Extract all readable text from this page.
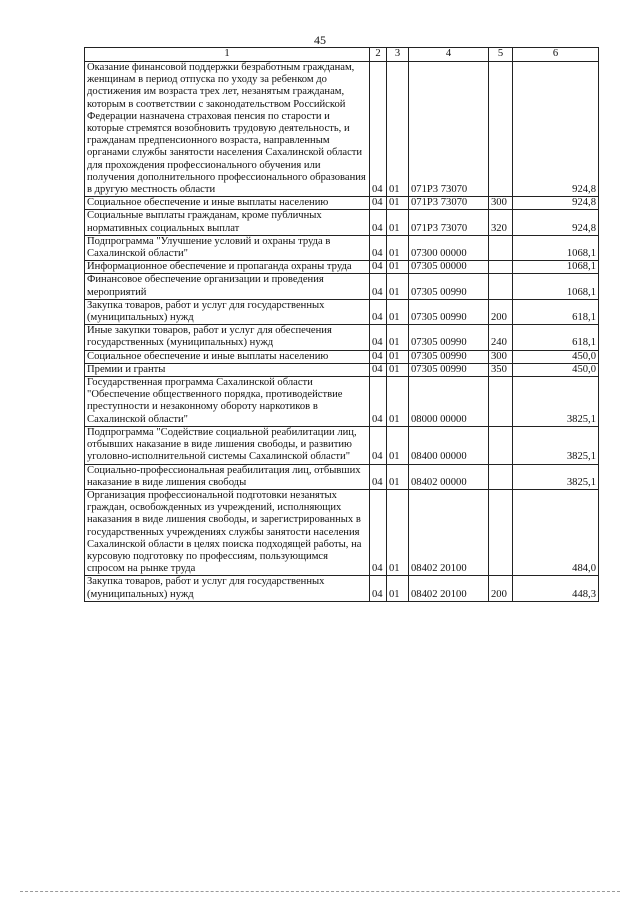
45
1	2	3	4	5	6
Оказание финансовой поддержки безработным гражданам, женщинам в период отпуска по уходу за ребенком до достижения им возраста трех лет, незанятым гражданам, которым в соответствии с законодательством Российской Федерации назначена страховая пенсия по старости и которые стремятся возобновить трудовую деятельность, и гражданам предпенсионного возраста, направленным органами службы занятости населения Сахалинской области для прохождения профессионального обучения или получения дополнительного профессионального образования в другую местность области	04	01	071Р3 73070		924,8
Социальное обеспечение и иные выплаты населению	04	01	071Р3 73070	300	924,8
Социальные выплаты гражданам, кроме публичных нормативных социальных выплат	04	01	071Р3 73070	320	924,8
Подпрограмма "Улучшение условий и охраны труда в Сахалинской области"	04	01	07300 00000		1068,1
Информационное обеспечение и пропаганда охраны труда	04	01	07305 00000		1068,1
Финансовое обеспечение организации и проведения мероприятий	04	01	07305 00990		1068,1
Закупка товаров, работ и услуг для государственных (муниципальных) нужд	04	01	07305 00990	200	618,1
Иные закупки товаров, работ и услуг для обеспечения государственных (муниципальных) нужд	04	01	07305 00990	240	618,1
Социальное обеспечение и иные выплаты населению	04	01	07305 00990	300	450,0
Премии и гранты	04	01	07305 00990	350	450,0
Государственная программа Сахалинской области "Обеспечение общественного порядка, противодействие преступности и незаконному обороту наркотиков в Сахалинской области"	04	01	08000 00000		3825,1
Подпрограмма "Содействие социальной реабилитации лиц, отбывших наказание в виде лишения свободы, и развитию уголовно-исполнительной системы Сахалинской области"	04	01	08400 00000		3825,1
Социально-профессиональная реабилитация лиц, отбывших наказание в виде лишения свободы	04	01	08402 00000		3825,1
Организация профессиональной подготовки незанятых граждан, освобожденных из учреждений, исполняющих наказания в виде лишения свободы, и зарегистрированных в государственных учреждениях службы занятости населения Сахалинской области в целях поиска подходящей работы, на курсовую подготовку по профессиям, пользующимся спросом на рынке труда	04	01	08402 20100		484,0
Закупка товаров, работ и услуг для государственных (муниципальных) нужд	04	01	08402 20100	200	448,3
